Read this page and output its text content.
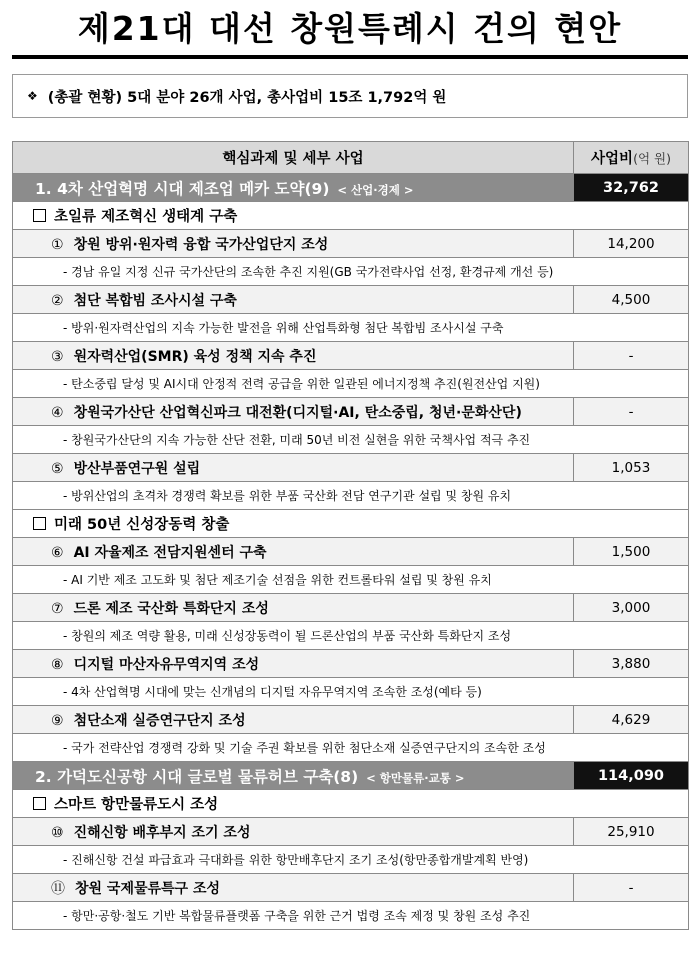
제21대 대선 창원특례시 건의 현안
❖ (총괄 현황) 5대 분야 26개 사업, 총사업비 15조 1,792억 원
핵심과제 및 세부 사업	사업비(억 원)
1. 4차 산업혁명 시대 제조업 메카 도약(9) < 산업·경제 >	32,762
초일류 제조혁신 생태계 구축	
① 창원 방위·원자력 융합 국가산업단지 조성	14,200
- 경남 유일 지정 신규 국가산단의 조속한 추진 지원(GB 국가전략사업 선정, 환경규제 개선 등)	
② 첨단 복합빔 조사시설 구축	4,500
- 방위·원자력산업의 지속 가능한 발전을 위해 산업특화형 첨단 복합빔 조사시설 구축	
③ 원자력산업(SMR) 육성 정책 지속 추진	-
- 탄소중립 달성 및 AI시대 안정적 전력 공급을 위한 일관된 에너지정책 추진(원전산업 지원)	
④ 창원국가산단 산업혁신파크 대전환(디지털·AI, 탄소중립, 청년·문화산단)	-
- 창원국가산단의 지속 가능한 산단 전환, 미래 50년 비전 실현을 위한 국책사업 적극 추진	
⑤ 방산부품연구원 설립	1,053
- 방위산업의 초격차 경쟁력 확보를 위한 부품 국산화 전담 연구기관 설립 및 창원 유치	
미래 50년 신성장동력 창출	
⑥ AI 자율제조 전담지원센터 구축	1,500
- AI 기반 제조 고도화 및 첨단 제조기술 선점을 위한 컨트롤타워 설립 및 창원 유치	
⑦ 드론 제조 국산화 특화단지 조성	3,000
- 창원의 제조 역량 활용, 미래 신성장동력이 될 드론산업의 부품 국산화 특화단지 조성	
⑧ 디지털 마산자유무역지역 조성	3,880
- 4차 산업혁명 시대에 맞는 신개념의 디지털 자유무역지역 조속한 조성(예타 등)	
⑨ 첨단소재 실증연구단지 조성	4,629
- 국가 전략산업 경쟁력 강화 및 기술 주권 확보를 위한 첨단소재 실증연구단지의 조속한 조성	
2. 가덕도신공항 시대 글로벌 물류허브 구축(8) < 항만물류·교통 >	114,090
스마트 항만물류도시 조성	
⑩ 진해신항 배후부지 조기 조성	25,910
- 진해신항 건설 파급효과 극대화를 위한 항만배후단지 조기 조성(항만종합개발계획 반영)	
⑪ 창원 국제물류특구 조성	-
- 항만·공항·철도 기반 복합물류플랫폼 구축을 위한 근거 법령 조속 제정 및 창원 조성 추진	
